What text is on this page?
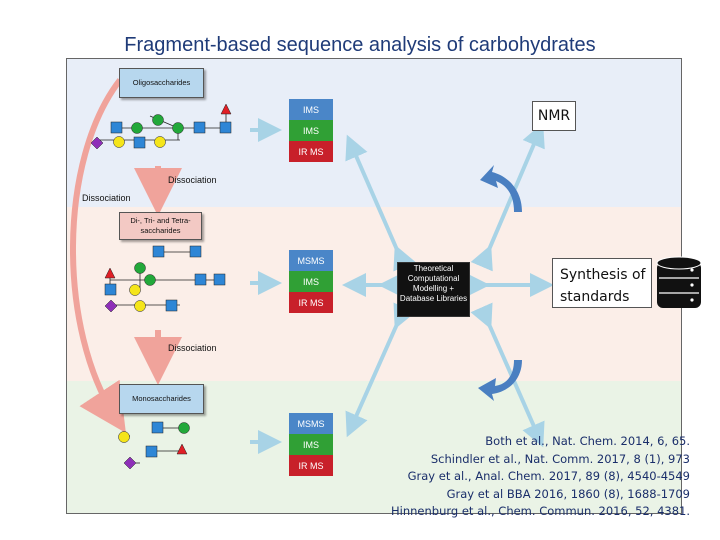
Fragment-based sequence analysis of carbohydrates
Oligosaccharides
Di-, Tri- and Tetra-saccharides
Monosaccharides
Dissociation
Dissociation
Dissociation
IMS
IMS
IR MS
MSMS
IMS
IR MS
MSMS
IMS
IR MS
Theoretical Computational Modelling + Database Libraries
NMR
Synthesis of standards
Both et al., Nat. Chem. 2014, 6, 65.
Schindler et al., Nat. Comm. 2017, 8 (1), 973
Gray et al., Anal. Chem. 2017, 89 (8), 4540-4549
Gray et al BBA 2016, 1860 (8), 1688-1709
Hinnenburg et al., Chem. Commun. 2016, 52, 4381.
